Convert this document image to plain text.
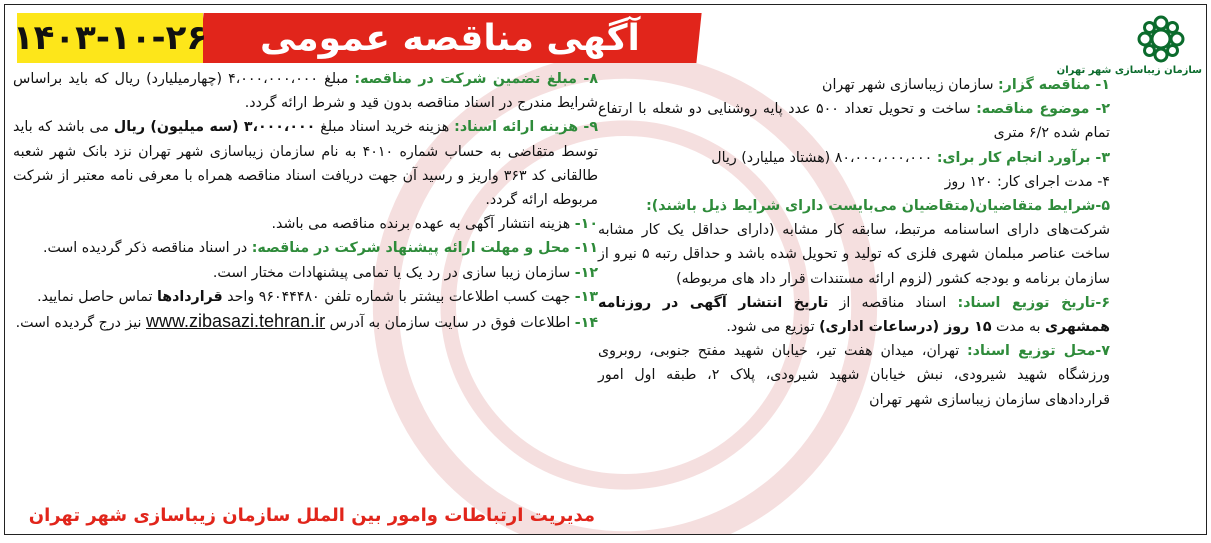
آگهی مناقصه عمومی
۱۴۰۳-۱۰-۲۶
سازمان زیباسازی شهر تهران

۱- مناقصه گزار: سازمان زیباسازی شهر تهران

۲- موضوع مناقصه: ساخت و تحویل تعداد ۵۰۰ عدد پایه روشنایی دو شعله با ارتفاع تمام شده ۶/۲ متری

۳- برآورد انجام کار برای: ۸۰،۰۰۰،۰۰۰،۰۰۰ (هشتاد میلیارد) ریال

۴- مدت اجرای کار: ۱۲۰ روز

۵-شرایط متقاضیان(متقاضیان می‌بایست دارای شرایط ذیل باشند):
شرکت‌های دارای اساسنامه مرتبط، سابقه کار مشابه (دارای حداقل یک کار مشابه ساخت عناصر مبلمان شهری فلزی که تولید و تحویل شده باشد و حداقل رتبه ۵ نیرو از سازمان برنامه و بودجه کشور (لزوم ارائه مستندات قرار داد های مربوطه)

۶-تاریخ توزیع اسناد: اسناد مناقصه از تاریخ انتشار آگهی در روزنامه همشهری به مدت ۱۵ روز (درساعات اداری) توزیع می شود.

۷-محل توزیع اسناد: تهران، میدان هفت تیر، خیابان شهید مفتح جنوبی، روبروی ورزشگاه شهید شیرودی، نبش خیابان شهید شیرودی، پلاک ۲، طبقه اول امور قراردادهای سازمان زیباسازی شهر تهران

۸- مبلغ تضمین شرکت در مناقصه: مبلغ ۴،۰۰۰،۰۰۰،۰۰۰ (چهارمیلیارد) ریال که باید براساس شرایط مندرج در اسناد مناقصه بدون قید و شرط ارائه گردد.

۹- هزینه ارائه اسناد: هزینه خرید اسناد مبلغ ۳،۰۰۰،۰۰۰ (سه میلیون) ریال می باشد که باید توسط متقاضی به حساب شماره ۴۰۱۰ به نام سازمان زیباسازی شهر تهران نزد بانک شهر شعبه طالقانی کد ۳۶۳ واریز و رسید آن جهت دریافت اسناد مناقصه همراه با معرفی نامه معتبر از شرکت مربوطه ارائه گردد.

۱۰- هزینه انتشار آگهی به عهده برنده مناقصه می باشد.

۱۱- محل و مهلت ارائه پیشنهاد شرکت در مناقصه: در اسناد مناقصه ذکر گردیده است.

۱۲- سازمان زیبا سازی در رد یک یا تمامی پیشنهادات مختار است.

۱۳- جهت کسب اطلاعات بیشتر با شماره تلفن ۹۶۰۴۴۴۸۰ واحد قراردادها تماس حاصل نمایید.

۱۴- اطلاعات فوق در سایت سازمان به آدرس www.zibasazi.tehran.ir نیز درج گردیده است.

مدیریت ارتباطات وامور بین الملل سازمان زیباسازی شهر تهران
